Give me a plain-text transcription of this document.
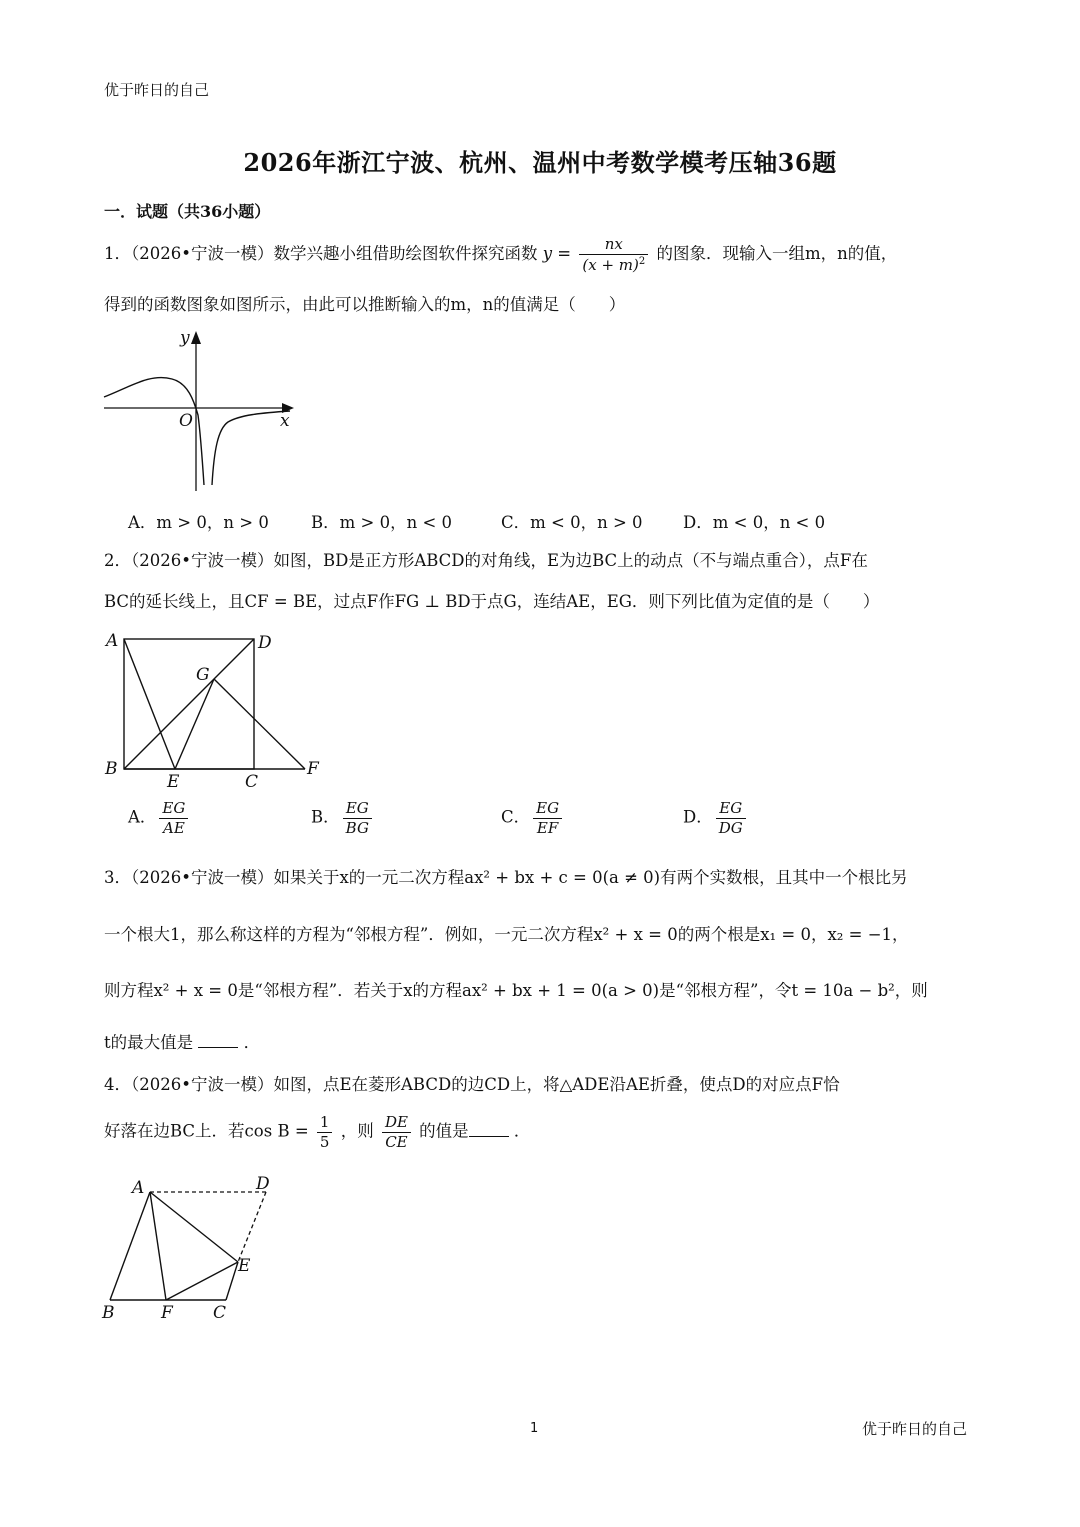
优于昨日的自己
2026年浙江宁波、杭州、温州中考数学模考压轴36题
一．试题（共36小题）
1．（2026•宁波一模）数学兴趣小组借助绘图软件探究函数 $y = \frac{nx}{(x + m)^2}$ 的图象．现输入一组m，n的值，
得到的函数图象如图所示，由此可以推断输入的m，n的值满足（　　）
y
O	x
A．m > 0，n > 0	B．m > 0，n < 0	C．m < 0，n > 0 D．m < 0，n < 0
2．（2026•宁波一模）如图，BD是正方形ABCD的对角线，E为边BC上的动点（不与端点重合），点F在
BC的延长线上，且CF = BE，过点F作FG ⊥ BD于点G，连结AE，EG．则下列比值为定值的是（　　）
A	D
G
B
E	C
F
A． $\frac{EG}{AE}$	B． $\frac{EG}{BG}$	C． $\frac{EG}{EF}$	D． $\frac{EG}{DG}$
3．（2026•宁波一模）如果关于x的一元二次方程ax² + bx + c = 0(a ≠ 0)有两个实数根，且其中一个根比另
一个根大1，那么称这样的方程为“邻根方程”．例如，一元二次方程x² + x = 0的两个根是x₁ = 0，x₂ = −1，
则方程x² + x = 0是“邻根方程”．若关于x的方程ax² + bx + 1 = 0(a > 0)是“邻根方程”，令t = 10a − b²，则
t的最大值是	．
4．（2026•宁波一模）如图，点E在菱形ABCD的边CD上，将△ADE沿AE折叠，使点D的对应点F恰
好落在边BC上．若$\cos B = \frac{1}{5}$ ，则 $\frac{DE}{CE}$ 的值是	．
A	D
E
B	F C
1	优于昨日的自己
